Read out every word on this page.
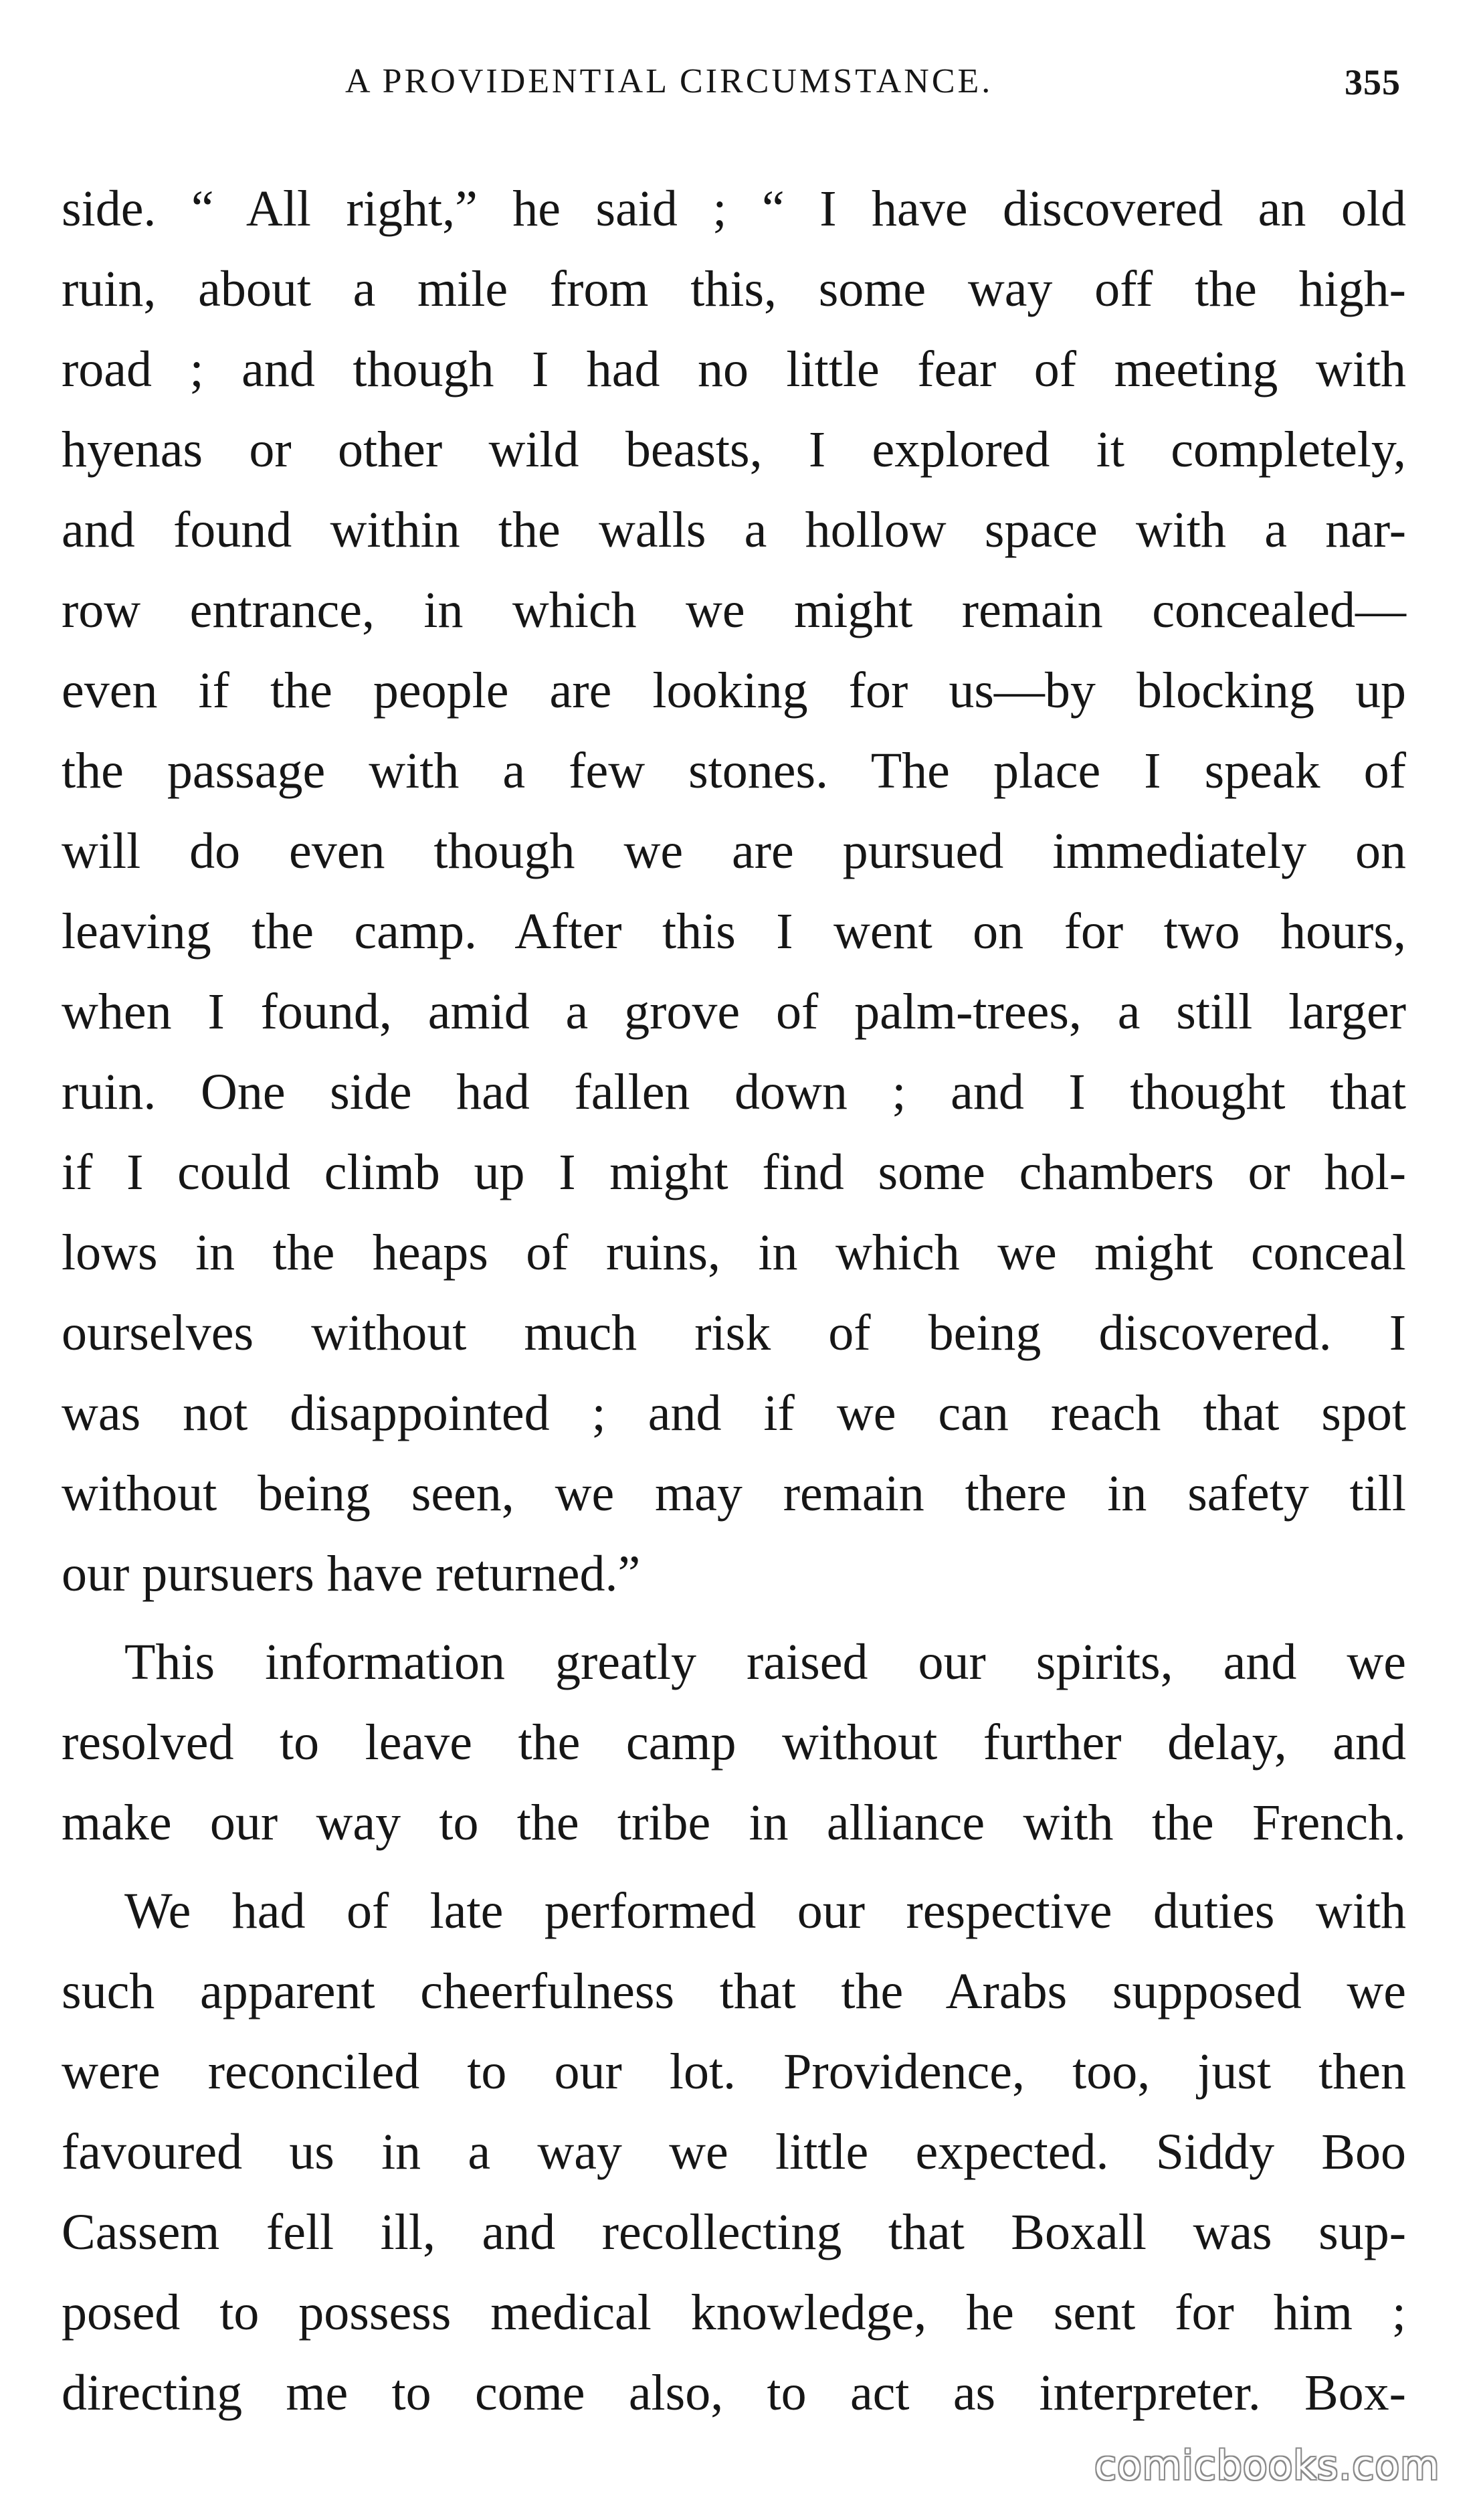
A PROVIDENTIAL CIRCUMSTANCE.	355
side. “ All right,” he said ; “ I have discovered an old
ruin, about a mile from this, some way off the high-
road ; and though I had no little fear of meeting with
hyenas or other wild beasts, I explored it completely,
and found within the walls a hollow space with a nar-
row entrance, in which we might remain concealed—
even if the people are looking for us—by blocking up
the passage with a few stones. The place I speak of
will do even though we are pursued immediately on
leaving the camp. After this I went on for two hours,
when I found, amid a grove of palm-trees, a still larger
ruin. One side had fallen down ; and I thought that
if I could climb up I might find some chambers or hol-
lows in the heaps of ruins, in which we might conceal
ourselves without much risk of being discovered. I
was not disappointed ; and if we can reach that spot
without being seen, we may remain there in safety till
our pursuers have returned.”
This information greatly raised our spirits, and we
resolved to leave the camp without further delay, and
make our way to the tribe in alliance with the French.
We had of late performed our respective duties with
such apparent cheerfulness that the Arabs supposed we
were reconciled to our lot. Providence, too, just then
favoured us in a way we little expected. Siddy Boo
Cassem fell ill, and recollecting that Boxall was sup-
posed to possess medical knowledge, he sent for him ;
directing me to come also, to act as interpreter. Box-
comicbooks.com
